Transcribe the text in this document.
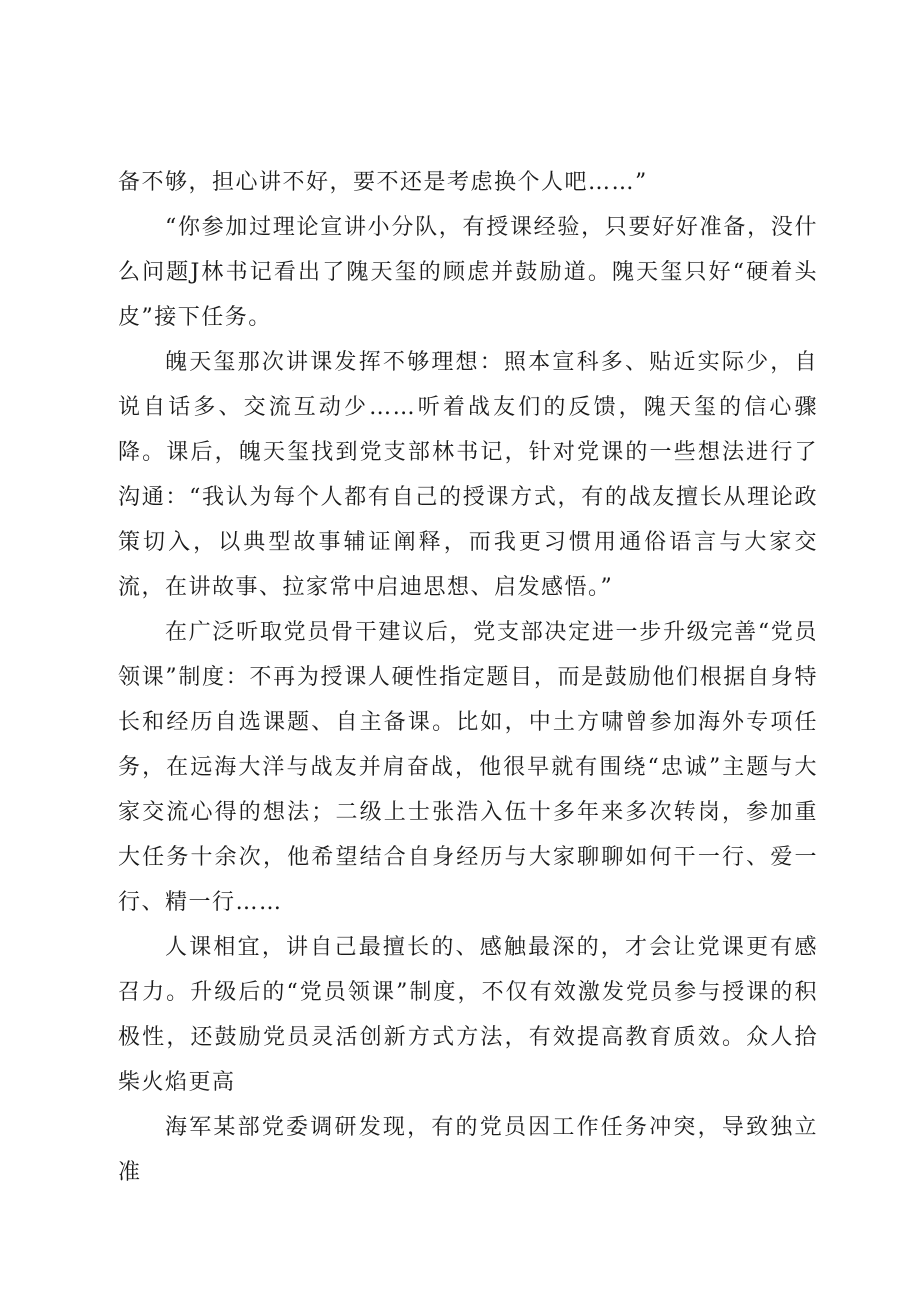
备不够，担心讲不好，要不还是考虑换个人吧……”

“你参加过理论宣讲小分队，有授课经验，只要好好准备，没什么问题J林书记看出了隗天玺的顾虑并鼓励道。隗天玺只好“硬着头皮”接下任务。

魄天玺那次讲课发挥不够理想：照本宣科多、贴近实际少，自说自话多、交流互动少……听着战友们的反馈，隗天玺的信心骤降。课后，魄天玺找到党支部林书记，针对党课的一些想法进行了沟通：“我认为每个人都有自己的授课方式，有的战友擅长从理论政策切入，以典型故事辅证阐释，而我更习惯用通俗语言与大家交流，在讲故事、拉家常中启迪思想、启发感悟。”

在广泛听取党员骨干建议后，党支部决定进一步升级完善“党员领课”制度：不再为授课人硬性指定题目，而是鼓励他们根据自身特长和经历自选课题、自主备课。比如，中土方啸曾参加海外专项任务，在远海大洋与战友并肩奋战，他很早就有围绕“忠诚”主题与大家交流心得的想法；二级上士张浩入伍十多年来多次转岗，参加重大任务十余次，他希望结合自身经历与大家聊聊如何干一行、爱一行、精一行……

人课相宜，讲自己最擅长的、感触最深的，才会让党课更有感召力。升级后的“党员领课”制度，不仅有效激发党员参与授课的积极性，还鼓励党员灵活创新方式方法，有效提高教育质效。众人拾柴火焰更高

海军某部党委调研发现，有的党员因工作任务冲突，导致独立准
